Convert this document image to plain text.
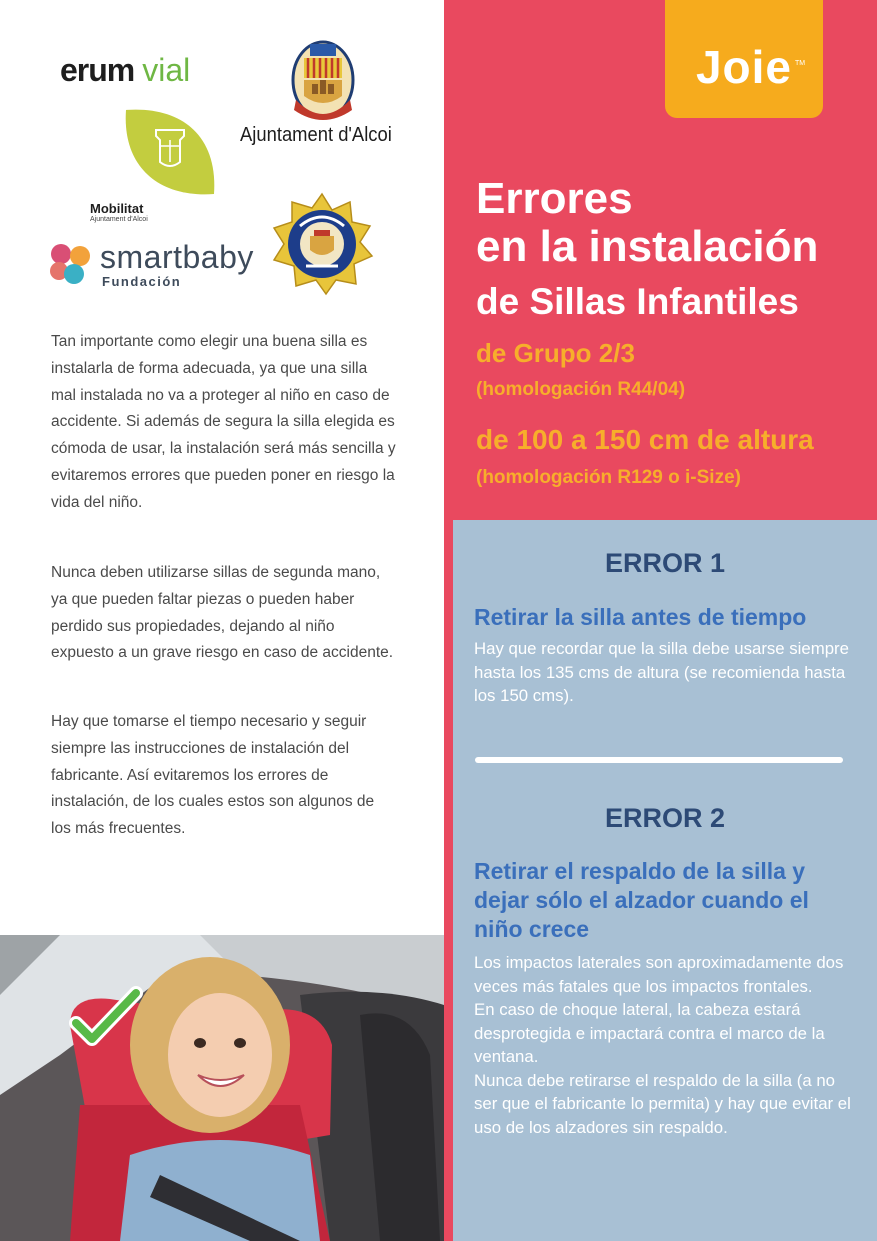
erum vial
Mobilitat
Ajuntament d'Alcoi
Ajuntament d'Alcoi
smartbaby
Fundación
Tan importante como elegir una buena silla es instalarla de forma adecuada, ya que una silla mal instalada no va a proteger al niño en caso de accidente. Si además de segura la silla elegida es cómoda de usar, la instalación será más sencilla y evitaremos errores que pueden poner en riesgo la vida del niño.
Nunca deben utilizarse sillas de segunda mano, ya que pueden faltar piezas o pueden haber perdido sus propiedades, dejando al niño expuesto a un grave riesgo en caso de accidente.
Hay que tomarse el tiempo necesario y seguir siempre las instrucciones de instalación del fabricante. Así evitaremos los errores de instalación, de los cuales estos son algunos de los más frecuentes.
Joie TM
Errores
en la instalación
de Sillas Infantiles
de Grupo 2/3
(homologación R44/04)
de 100 a 150 cm de altura
(homologación R129 o i-Size)
ERROR 1
Retirar la silla antes de tiempo
Hay que recordar que la silla debe usarse siempre hasta los 135 cms de altura (se recomienda hasta los 150 cms).
ERROR 2
Retirar el respaldo de la silla y dejar sólo el alzador cuando el niño crece
Los impactos laterales son aproximadamente dos veces más fatales que los impactos frontales.
En caso de choque lateral, la cabeza estará desprotegida e impactará contra el marco de la ventana.
Nunca debe retirarse el respaldo de la silla (a no ser que el fabricante lo permita) y hay que evitar el uso de los alzadores sin respaldo.
